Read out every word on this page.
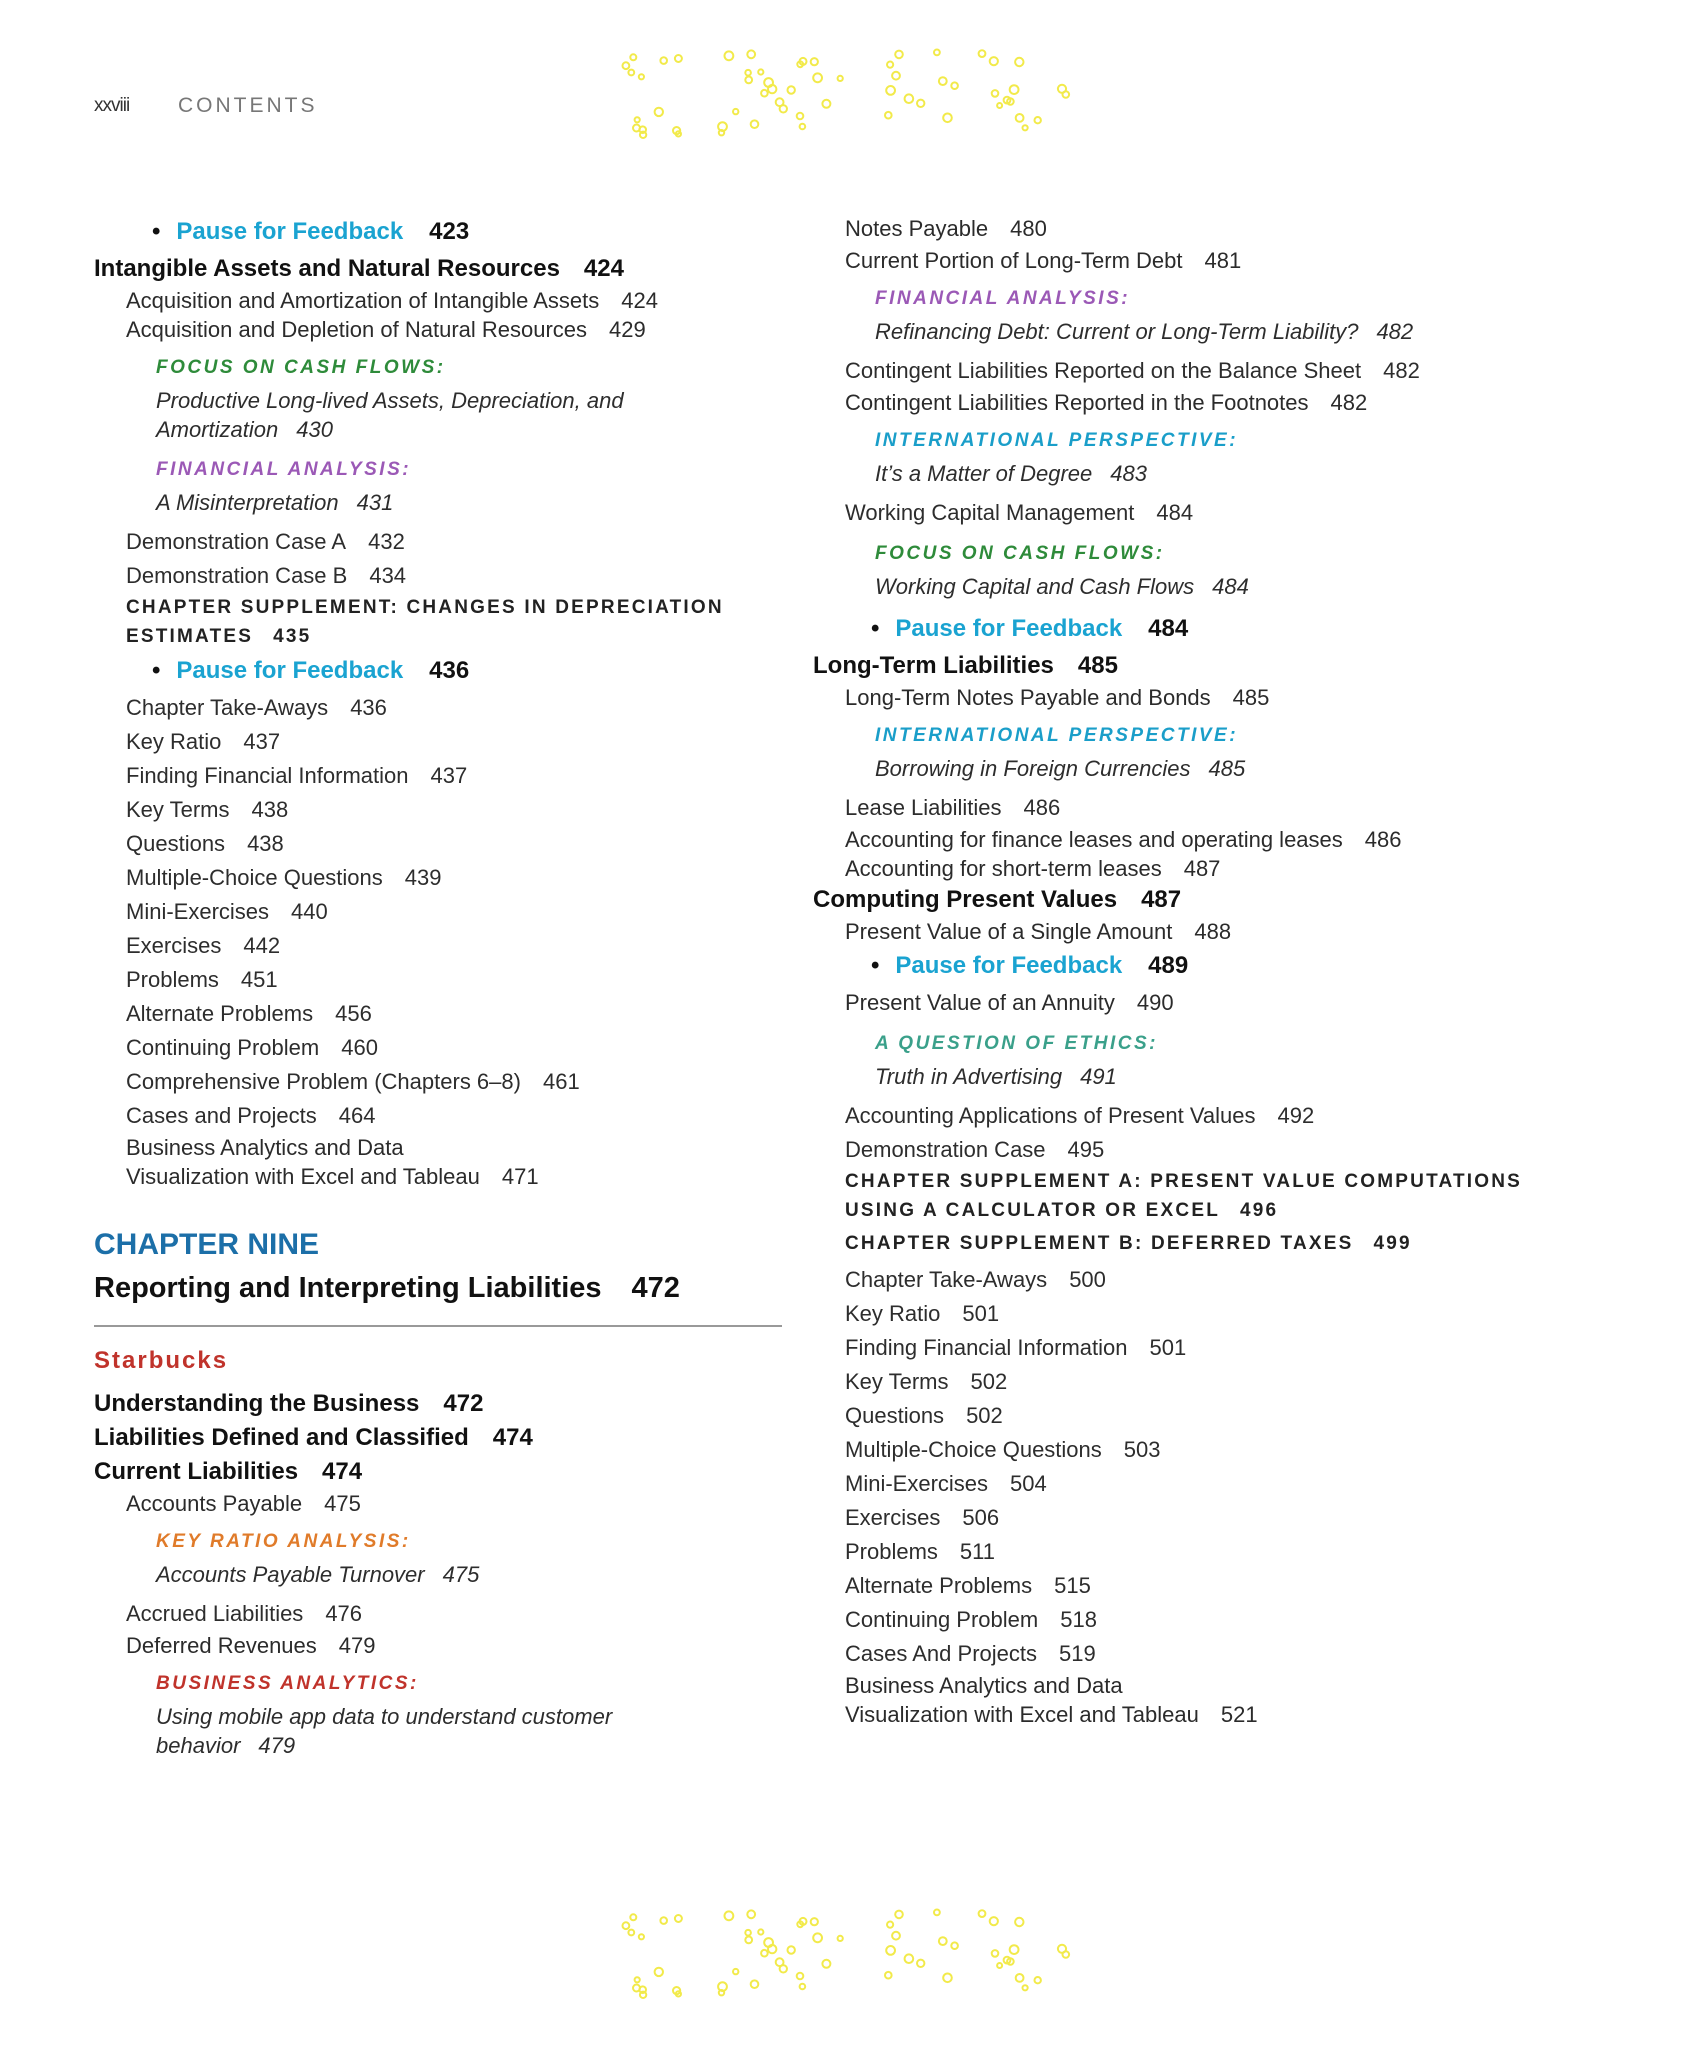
xxviii CONTENTS
• Pause for Feedback 423
Intangible Assets and Natural Resources 424
Acquisition and Amortization of Intangible Assets 424
Acquisition and Depletion of Natural Resources 429
FOCUS ON CASH FLOWS:
Productive Long-lived Assets, Depreciation, and Amortization 430
FINANCIAL ANALYSIS:
A Misinterpretation 431
Demonstration Case A 432
Demonstration Case B 434
CHAPTER SUPPLEMENT: CHANGES IN DEPRECIATION ESTIMATES 435
• Pause for Feedback 436
Chapter Take-Aways 436
Key Ratio 437
Finding Financial Information 437
Key Terms 438
Questions 438
Multiple-Choice Questions 439
Mini-Exercises 440
Exercises 442
Problems 451
Alternate Problems 456
Continuing Problem 460
Comprehensive Problem (Chapters 6–8) 461
Cases and Projects 464
Business Analytics and Data
Visualization with Excel and Tableau 471
CHAPTER NINE
Reporting and Interpreting Liabilities 472
Starbucks
Understanding the Business 472
Liabilities Defined and Classified 474
Current Liabilities 474
Accounts Payable 475
KEY RATIO ANALYSIS:
Accounts Payable Turnover 475
Accrued Liabilities 476
Deferred Revenues 479
BUSINESS ANALYTICS:
Using mobile app data to understand customer behavior 479
Notes Payable 480
Current Portion of Long-Term Debt 481
FINANCIAL ANALYSIS:
Refinancing Debt: Current or Long-Term Liability? 482
Contingent Liabilities Reported on the Balance Sheet 482
Contingent Liabilities Reported in the Footnotes 482
INTERNATIONAL PERSPECTIVE:
It’s a Matter of Degree 483
Working Capital Management 484
FOCUS ON CASH FLOWS:
Working Capital and Cash Flows 484
• Pause for Feedback 484
Long-Term Liabilities 485
Long-Term Notes Payable and Bonds 485
INTERNATIONAL PERSPECTIVE:
Borrowing in Foreign Currencies 485
Lease Liabilities 486
Accounting for finance leases and operating leases 486
Accounting for short-term leases 487
Computing Present Values 487
Present Value of a Single Amount 488
• Pause for Feedback 489
Present Value of an Annuity 490
A QUESTION OF ETHICS:
Truth in Advertising 491
Accounting Applications of Present Values 492
Demonstration Case 495
CHAPTER SUPPLEMENT A: PRESENT VALUE COMPUTATIONS USING A CALCULATOR OR EXCEL 496
CHAPTER SUPPLEMENT B: DEFERRED TAXES 499
Chapter Take-Aways 500
Key Ratio 501
Finding Financial Information 501
Key Terms 502
Questions 502
Multiple-Choice Questions 503
Mini-Exercises 504
Exercises 506
Problems 511
Alternate Problems 515
Continuing Problem 518
Cases And Projects 519
Business Analytics and Data
Visualization with Excel and Tableau 521
